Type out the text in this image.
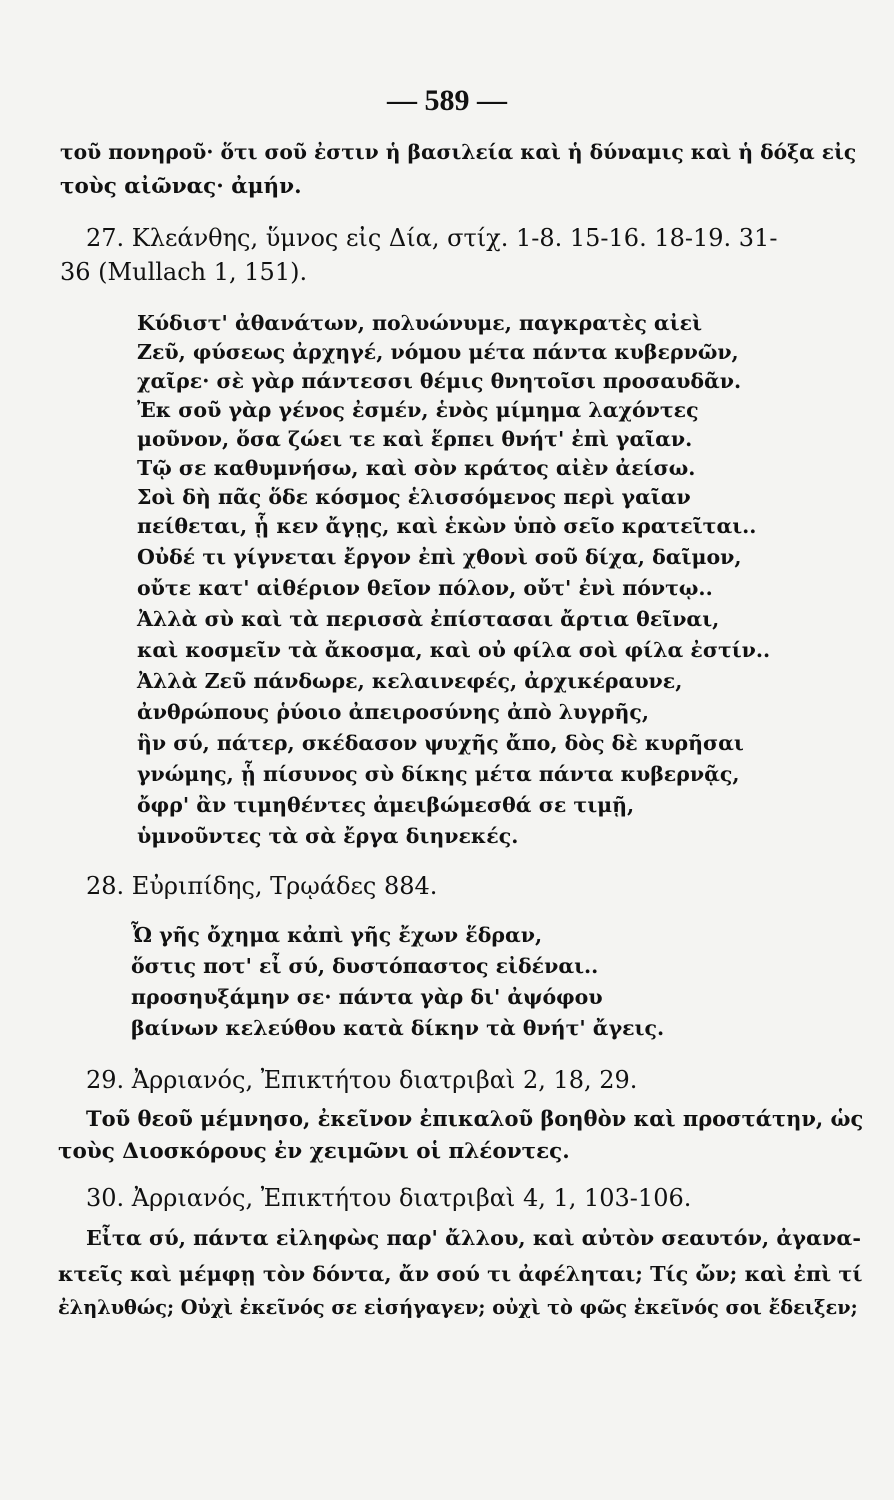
— 589 —
τοῦ πονηροῦ· ὅτι σοῦ ἐστιν ἡ βασιλεία καὶ ἡ δύναμις καὶ ἡ δόξα εἰς
τοὺς αἰῶνας· ἀμήν.
27. Κλεάνθης, ὕμνος εἰς Δία, στίχ. 1-8. 15-16. 18-19. 31-
36 (Mullach 1, 151).
Κύδιστ' ἀθανάτων, πολυώνυμε, παγκρατὲς αἰεὶ
Ζεῦ, φύσεως ἀρχηγέ, νόμου μέτα πάντα κυβερνῶν,
χαῖρε· σὲ γὰρ πάντεσσι θέμις θνητοῖσι προσαυδᾶν.
Ἐκ σοῦ γὰρ γένος ἐσμέν, ἑνὸς μίμημα λαχόντες
μοῦνον, ὅσα ζώει τε καὶ ἕρπει θνήτ' ἐπὶ γαῖαν.
Τῷ σε καθυμνήσω, καὶ σὸν κράτος αἰὲν ἀείσω.
Σοὶ δὴ πᾶς ὅδε κόσμος ἑλισσόμενος περὶ γαῖαν
πείθεται, ᾗ κεν ἄγῃς, καὶ ἑκὼν ὑπὸ σεῖο κρατεῖται..
Οὐδέ τι γίγνεται ἔργον ἐπὶ χθονὶ σοῦ δίχα, δαῖμον,
οὔτε κατ' αἰθέριον θεῖον πόλον, οὔτ' ἐνὶ πόντῳ..
Ἀλλὰ σὺ καὶ τὰ περισσὰ ἐπίστασαι ἄρτια θεῖναι,
καὶ κοσμεῖν τὰ ἄκοσμα, καὶ οὐ φίλα σοὶ φίλα ἐστίν..
Ἀλλὰ Ζεῦ πάνδωρε, κελαινεφές, ἀρχικέραυνε,
ἀνθρώπους ῥύοιο ἀπειροσύνης ἀπὸ λυγρῆς,
ἣν σύ, πάτερ, σκέδασον ψυχῆς ἄπο, δὸς δὲ κυρῆσαι
γνώμης, ᾗ πίσυνος σὺ δίκης μέτα πάντα κυβερνᾷς,
ὄφρ' ἂν τιμηθέντες ἀμειβώμεσθά σε τιμῇ,
ὑμνοῦντες τὰ σὰ ἔργα διηνεκές.
28. Εὐριπίδης, Τρῳάδες 884.
Ὦ γῆς ὄχημα κἀπὶ γῆς ἔχων ἕδραν,
ὅστις ποτ' εἶ σύ, δυστόπαστος εἰδέναι..
προσηυξάμην σε· πάντα γὰρ δι' ἀψόφου
βαίνων κελεύθου κατὰ δίκην τὰ θνήτ' ἄγεις.
29. Ἀρριανός, Ἐπικτήτου διατριβαὶ 2, 18, 29.
Τοῦ θεοῦ μέμνησο, ἐκεῖνον ἐπικαλοῦ βοηθὸν καὶ προστάτην, ὡς
τοὺς Διοσκόρους ἐν χειμῶνι οἱ πλέοντες.
30. Ἀρριανός, Ἐπικτήτου διατριβαὶ 4, 1, 103-106.
Εἶτα σύ, πάντα εἰληφὼς παρ' ἄλλου, καὶ αὐτὸν σεαυτόν, ἀγανα-
κτεῖς καὶ μέμφῃ τὸν δόντα, ἄν σού τι ἀφέληται; Τίς ὤν; καὶ ἐπὶ τί
ἐληλυθώς; Οὐχὶ ἐκεῖνός σε εἰσήγαγεν; οὐχὶ τὸ φῶς ἐκεῖνός σοι ἔδειξεν;
